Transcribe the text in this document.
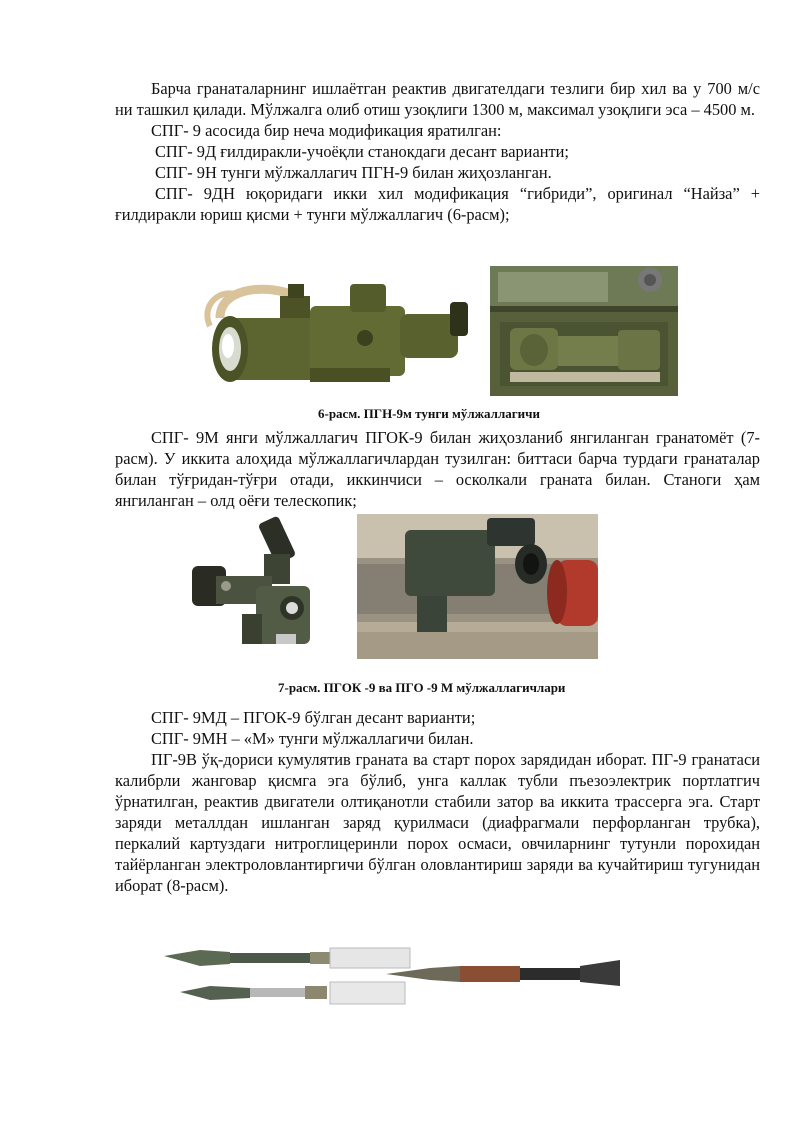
Барча гранаталарнинг ишлаётган реактив двигателдаги тезлиги бир хил ва у 700 м/с ни ташкил қилади. Мўлжалга олиб отиш узоқлиги 1300 м, максимал узоқлиги эса – 4500 м.

СПГ- 9 асосида бир неча модификация яратилган:

СПГ- 9Д ғилдиракли-учоёқли станокдаги десант варианти;

СПГ- 9Н тунги мўлжаллагич ПГН-9 билан жиҳозланган.

СПГ- 9ДН юқоридаги икки хил модификация “гибриди”, оригинал “Найза” + ғилдиракли юриш қисми + тунги мўлжаллагич (6-расм);

6-расм. ПГН-9м тунги мўлжаллагичи

СПГ- 9М янги мўлжаллагич ПГОК-9 билан жиҳозланиб янгиланган гранатомёт (7-расм). У иккита алоҳида мўлжаллагичлардан тузилган: биттаси барча турдаги гранаталар билан тўғридан-тўғри отади, иккинчиси – осколкали граната билан. Станоги ҳам янгиланган – олд оёғи телескопик;

7-расм. ПГОК -9 ва ПГО -9 М мўлжаллагичлари

СПГ- 9МД – ПГОК-9 бўлган десант варианти;

СПГ- 9МН – «М» тунги мўлжаллагичи билан.

ПГ-9В ўқ-дориси кумулятив граната ва старт порох зарядидан иборат. ПГ-9 гранатаси калибрли жанговар қисмга эга бўлиб, унга каллак тубли пъезоэлектрик портлатгич ўрнатилган, реактив двигатели олтиқанотли стабили затор ва иккита трассерга эга. Старт заряди металлдан ишланган заряд қурилмаси (диафрагмали перфорланган трубка), перкалий картуздаги нитроглицеринли порох осмаси, овчиларнинг тутунли порохидан тайёрланган электроловлантиргичи бўлган оловлантириш заряди ва кучайтириш тугунидан иборат (8-расм).
